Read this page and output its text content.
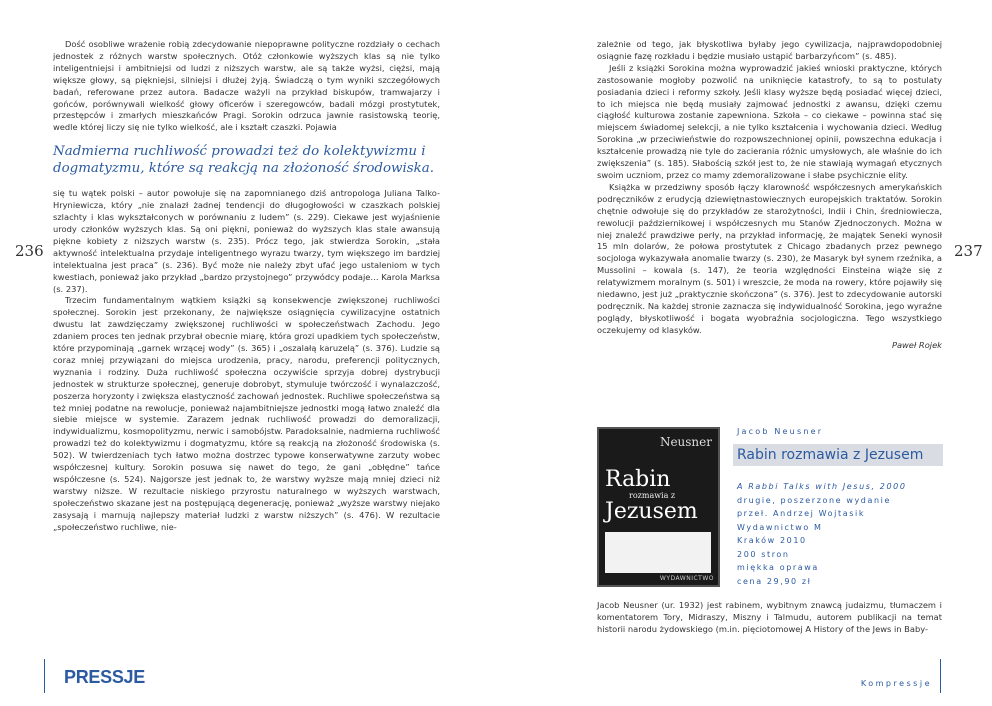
Dość osobliwe wrażenie robią zdecydowanie niepoprawne polityczne rozdziały o cechach jednostek z różnych warstw społecznych. Otóż członkowie wyższych klas są nie tylko inteligentniejsi i ambitniejsi od ludzi z niższych warstw, ale są także wyżsi, ciężsi, mają większe głowy, są piękniejsi, silniejsi i dłużej żyją. Świadczą o tym wyniki szczegółowych badań, referowane przez autora. Badacze ważyli na przykład biskupów, tramwajarzy i gońców, porównywali wielkość głowy oficerów i szeregowców, badali mózgi prostytutek, przestępców i zmarłych mieszkańców Pragi. Sorokin odrzuca jawnie rasistowską teorię, wedle której liczy się nie tylko wielkość, ale i kształt czaszki. Pojawia

Nadmierna ruchliwość prowadzi też do kolektywizmu i dogmatyzmu, które są reakcją na złożoność środowiska.

się tu wątek polski – autor powołuje się na zapomnianego dziś antropologa Juliana Talko-Hryniewicza, który „nie znalazł żadnej tendencji do długogłowości w czaszkach polskiej szlachty i klas wykształconych w porównaniu z ludem” (s. 229). Ciekawe jest wyjaśnienie urody członków wyższych klas. Są oni piękni, ponieważ do wyższych klas stale awansują piękne kobiety z niższych warstw (s. 235). Prócz tego, jak stwierdza Sorokin, „stała aktywność intelektualna przydaje inteligentnego wyrazu twarzy, tym większego im bardziej intelektualna jest praca” (s. 236). Być może nie należy zbyt ufać jego ustaleniom w tych kwestiach, ponieważ jako przykład „bardzo przystojnego” przywódcy podaje… Karola Marksa (s. 237).

Trzecim fundamentalnym wątkiem książki są konsekwencje zwiększonej ruchliwości społecznej. Sorokin jest przekonany, że największe osiągnięcia cywilizacyjne ostatnich dwustu lat zawdzięczamy zwiększonej ruchliwości w społeczeństwach Zachodu. Jego zdaniem proces ten jednak przybrał obecnie miarę, która grozi upadkiem tych społeczeństw, które przypominają „garnek wrzącej wody” (s. 365) i „oszalałą karuzelą” (s. 376). Ludzie są coraz mniej przywiązani do miejsca urodzenia, pracy, narodu, preferencji politycznych, wyznania i rodziny. Duża ruchliwość społeczna oczywiście sprzyja dobrej dystrybucji jednostek w strukturze społecznej, generuje dobrobyt, stymuluje twórczość i wynalazczość, poszerza horyzonty i zwiększa elastyczność zachowań jednostek. Ruchliwe społeczeństwa są też mniej podatne na rewolucje, ponieważ najambitniejsze jednostki mogą łatwo znaleźć dla siebie miejsce w systemie. Zarazem jednak ruchliwość prowadzi do demoralizacji, indywidualizmu, kosmopolityzmu, nerwic i samobójstw. Paradoksalnie, nadmierna ruchliwość prowadzi też do kolektywizmu i dogmatyzmu, które są reakcją na złożoność środowiska (s. 502). W twierdzeniach tych łatwo można dostrzec typowe konserwatywne zarzuty wobec współczesnej kultury. Sorokin posuwa się nawet do tego, że gani „obłędne” tańce współczesne (s. 524). Najgorsze jest jednak to, że warstwy wyższe mają mniej dzieci niż warstwy niższe. W rezultacie niskiego przyrostu naturalnego w wyższych warstwach, społeczeństwo skazane jest na postępującą degenerację, ponieważ „wyższe warstwy niejako zasysają i marnują najlepszy materiał ludzki z warstw niższych” (s. 476). W rezultacie „społeczeństwo ruchliwe, nie-

236	237

zależnie od tego, jak błyskotliwa byłaby jego cywilizacja, najprawdopodobniej osiągnie fazę rozkładu i będzie musiało ustąpić barbarzyńcom” (s. 485).

Jeśli z książki Sorokina można wyprowadzić jakieś wnioski praktyczne, których zastosowanie mogłoby pozwolić na uniknięcie katastrofy, to są to postulaty posiadania dzieci i reformy szkoły. Jeśli klasy wyższe będą posiadać więcej dzieci, to ich miejsca nie będą musiały zajmować jednostki z awansu, dzięki czemu ciągłość kulturowa zostanie zapewniona. Szkoła – co ciekawe – powinna stać się miejscem świadomej selekcji, a nie tylko kształcenia i wychowania dzieci. Według Sorokina „w przeciwieństwie do rozpowszechnionej opinii, powszechna edukacja i kształcenie prowadzą nie tyle do zacierania różnic umysłowych, ale właśnie do ich zwiększenia” (s. 185). Słabością szkół jest to, że nie stawiają wymagań etycznych swoim uczniom, przez co mamy zdemoralizowane i słabe psychicznie elity.

Książka w przedziwny sposób łączy klarowność współczesnych amerykańskich podręczników z erudycją dziewiętnastowiecznych europejskich traktatów. Sorokin chętnie odwołuje się do przykładów ze starożytności, Indii i Chin, średniowiecza, rewolucji październikowej i współczesnych mu Stanów Zjednoczonych. Można w niej znaleźć prawdziwe perły, na przykład informację, że majątek Seneki wynosił 15 mln dolarów, że połowa prostytutek z Chicago zbadanych przez pewnego socjologa wykazywała anomalie twarzy (s. 230), że Masaryk był synem rzeźnika, a Mussolini – kowala (s. 147), że teoria względności Einsteina wiąże się z relatywizmem moralnym (s. 501) i wreszcie, że moda na rowery, które pojawiły się niedawno, jest już „praktycznie skończona” (s. 376). Jest to zdecydowanie autorski podręcznik. Na każdej stronie zaznacza się indywidualność Sorokina, jego wyraźne poglądy, błyskotliwość i bogata wyobraźnia socjologiczna. Tego wszystkiego oczekujemy od klasyków.

Paweł Rojek
Neusner
Rabin
rozmawia z
Jezusem
WYDAWNICTWO
Jacob Neusner
Rabin rozmawia z Jezusem
A Rabbi Talks with Jesus, 2000
drugie, poszerzone wydanie
przeł. Andrzej Wojtasik
Wydawnictwo M
Kraków 2010
200 stron
miękka oprawa
cena 29,90 zł

Jacob Neusner (ur. 1932) jest rabinem, wybitnym znawcą judaizmu, tłumaczem i komentatorem Tory, Midraszy, Miszny i Talmudu, autorem publikacji na temat historii narodu żydowskiego (m.in. pięciotomowej A History of the Jews in Baby-

PRESSJE	Kompressje
